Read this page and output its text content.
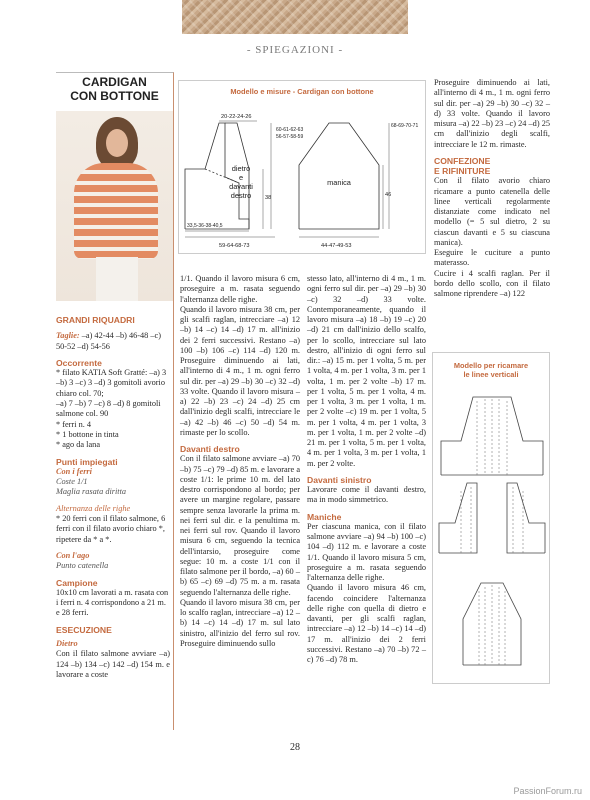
- SPIEGAZIONI -
CARDIGAN
CON BOTTONE

GRANDI RIQUADRI

Taglie: –a) 42-44 –b) 46-48 –c) 50-52 –d) 54-56

Occorrente

* filato KATIA Soft Gratté: –a) 3 –b) 3 –c) 3 –d) 3 gomitoli avorio chiaro col. 70;

–a) 7 –b) 7 –c) 8 –d) 8 gomitoli salmone col. 90

* ferri n. 4

* 1 bottone in tinta

* ago da lana

Punti impiegati

Con i ferri

Coste 1/1

Maglia rasata diritta

Alternanza delle righe

* 20 ferri con il filato salmone, 6 ferri con il filato avorio chiaro *, ripetere da * a *.

Con l'ago

Punto catenella

Campione

10x10 cm lavorati a m. rasata con i ferri n. 4 corrispondono a 21 m. e 28 ferri.

ESECUZIONE

Dietro

Con il filato salmone avviare –a) 124 –b) 134 –c) 142 –d) 154 m. e lavorare a coste

Modello e misure - Cardigan con bottone
20-22-24-26
60-61-62-63
56-57-58-59
38
33,5-36-38-40,5
59-64-68-73
dietro
e
davanti
destro
manica
68-69-70-71
46
44-47-49-53

1/1. Quando il lavoro misura 6 cm, proseguire a m. rasata seguendo l'alternanza delle righe.

Quando il lavoro misura 38 cm, per gli scalfi raglan, intrecciare –a) 12 –b) 14 –c) 14 –d) 17 m. all'inizio dei 2 ferri successivi. Restano –a) 100 –b) 106 –c) 114 –d) 120 m. Proseguire diminuendo ai lati, all'interno di 4 m., 1 m. ogni ferro sul dir. per –a) 29 –b) 30 –c) 32 –d) 33 volte. Quando il lavoro misura –a) 22 –b) 23 –c) 24 –d) 25 cm dall'inizio degli scalfi, intrecciare le –a) 42 –b) 46 –c) 50 –d) 54 m. rimaste per lo scollo.

Davanti destro

Con il filato salmone avviare –a) 70 –b) 75 –c) 79 –d) 85 m. e lavorare a coste 1/1: le prime 10 m. del lato destro corrispondono al bordo; per avere un margine regolare, passare sempre senza lavorarle la prima m. nei ferri sul dir. e la penultima m. nei ferri sul rov. Quando il lavoro misura 6 cm, seguendo la tecnica dell'intarsio, proseguire come segue: 10 m. a coste 1/1 con il filato salmone per il bordo, –a) 60 –b) 65 –c) 69 –d) 75 m. a m. rasata seguendo l'alternanza delle righe.

Quando il lavoro misura 38 cm, per lo scalfo raglan, intrecciare –a) 12 –b) 14 –c) 14 –d) 17 m. sul lato sinistro, all'inizio del ferro sul rov. Proseguire diminuendo sullo

stesso lato, all'interno di 4 m., 1 m. ogni ferro sul dir. per –a) 29 –b) 30 –c) 32 –d) 33 volte. Contemporaneamente, quando il lavoro misura –a) 18 –b) 19 –c) 20 –d) 21 cm dall'inizio dello scalfo, per lo scollo, intrecciare sul lato destro, all'inizio di ogni ferro sul dir.: –a) 15 m. per 1 volta, 5 m. per 1 volta, 4 m. per 1 volta, 3 m. per 1 volta, 1 m. per 2 volte –b) 17 m. per 1 volta, 5 m. per 1 volta, 4 m. per 1 volta, 3 m. per 1 volta, 1 m. per 2 volte –c) 19 m. per 1 volta, 5 m. per 1 volta, 4 m. per 1 volta, 3 m. per 1 volta, 1 m. per 2 volte –d) 21 m. per 1 volta, 5 m. per 1 volta, 4 m. per 1 volta, 3 m. per 1 volta, 1 m. per 2 volte.

Davanti sinistro

Lavorare come il davanti destro, ma in modo simmetrico.

Maniche

Per ciascuna manica, con il filato salmone avviare –a) 94 –b) 100 –c) 104 –d) 112 m. e lavorare a coste 1/1. Quando il lavoro misura 5 cm, proseguire a m. rasata seguendo l'alternanza delle righe.

Quando il lavoro misura 46 cm, facendo coincidere l'alternanza delle righe con quella di dietro e davanti, per gli scalfi raglan, intrecciare –a) 12 –b) 14 –c) 14 –d) 17 m. all'inizio dei 2 ferri successivi. Restano –a) 70 –b) 72 –c) 76 –d) 78 m.

Proseguire diminuendo ai lati, all'interno di 4 m., 1 m. ogni ferro sul dir. per –a) 29 –b) 30 –c) 32 –d) 33 volte. Quando il lavoro misura –a) 22 –b) 23 –c) 24 –d) 25 cm dall'inizio degli scalfi, intrecciare le 12 m. rimaste.

CONFEZIONE

E RIFINITURE

Con il filato avorio chiaro ricamare a punto catenella delle linee verticali regolarmente distanziate come indicato nel modello (= 5 sul dietro, 2 su ciascun davanti e 5 su ciascuna manica).

Eseguire le cuciture a punto materasso.

Cucire i 4 scalfi raglan. Per il bordo dello scollo, con il filato salmone riprendere –a) 122

Modello per ricamare
le linee verticali
28
PassionForum.ru
